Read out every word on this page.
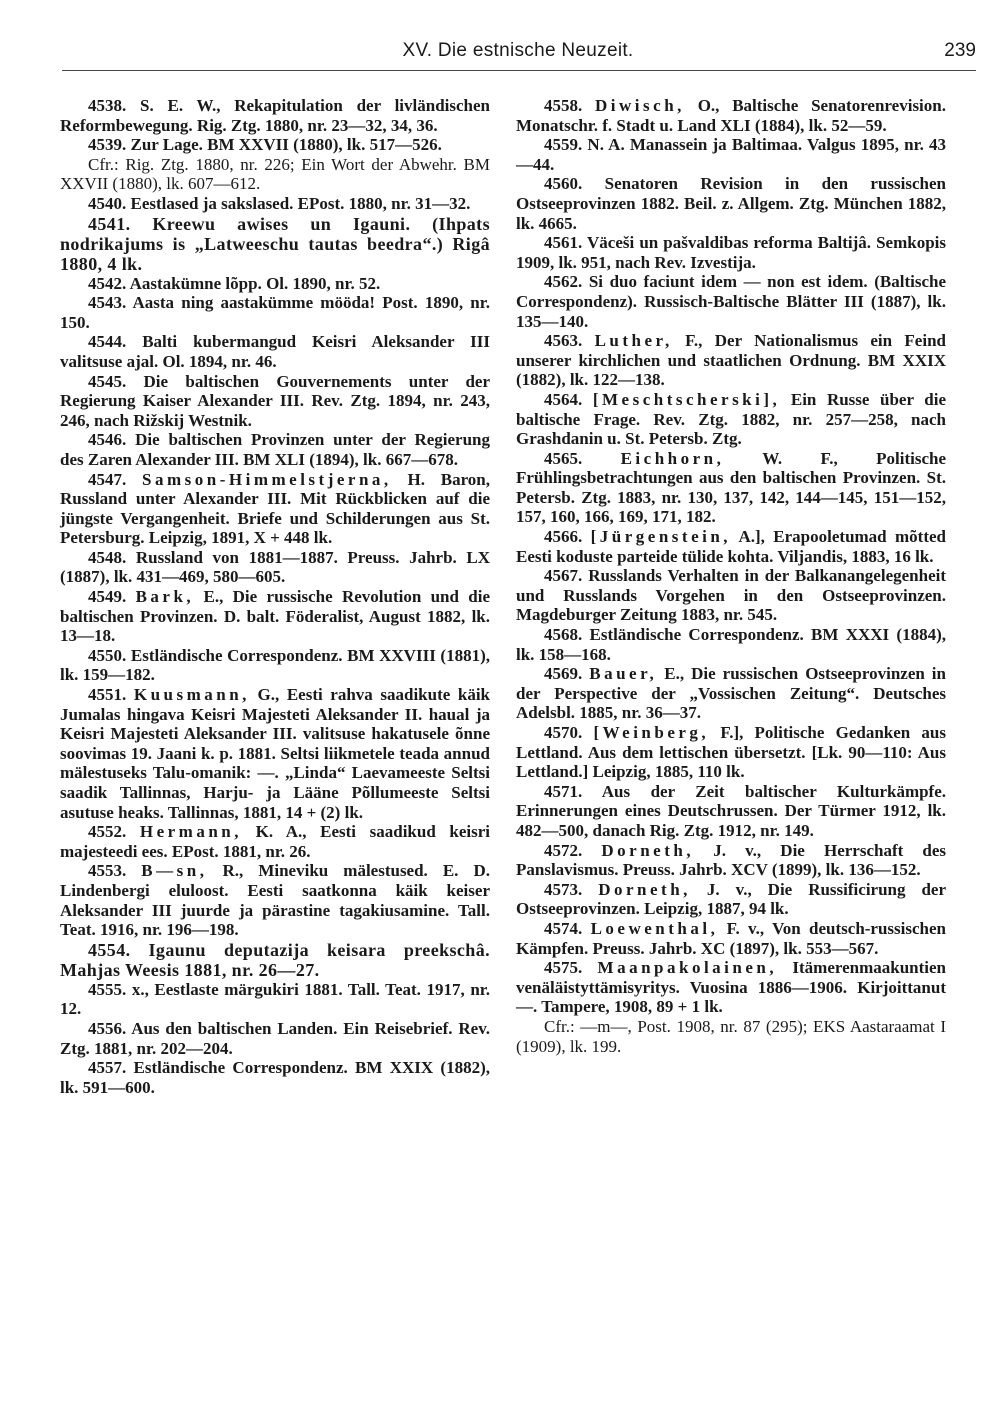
XV. Die estnische Neuzeit.	239

4538. S. E. W., Rekapitulation der livländischen Reformbewegung. Rig. Ztg. 1880, nr. 23—32, 34, 36.

4539. Zur Lage. BM XXVII (1880), lk. 517—526.

Cfr.: Rig. Ztg. 1880, nr. 226; Ein Wort der Abwehr. BM XXVII (1880), lk. 607—612.

4540. Eestlased ja sakslased. EPost. 1880, nr. 31—32.

4541. Kreewu awises un Igauni. (Ihpats nodrikajums is „Latweeschu tautas beedra“.) Rigâ 1880, 4 lk.

4542. Aastakümne lõpp. Ol. 1890, nr. 52.

4543. Aasta ning aastakümme mööda! Post. 1890, nr. 150.

4544. Balti kubermangud Keisri Aleksander III valitsuse ajal. Ol. 1894, nr. 46.

4545. Die baltischen Gouvernements unter der Regierung Kaiser Alexander III. Rev. Ztg. 1894, nr. 243, 246, nach Rižskij Westnik.

4546. Die baltischen Provinzen unter der Regierung des Zaren Alexander III. BM XLI (1894), lk. 667—678.

4547. Samson-Himmelstjerna, H. Baron, Russland unter Alexander III. Mit Rückblicken auf die jüngste Vergangenheit. Briefe und Schilderungen aus St. Petersburg. Leipzig, 1891, X + 448 lk.

4548. Russland von 1881—1887. Preuss. Jahrb. LX (1887), lk. 431—469, 580—605.

4549. Bark, E., Die russische Revolution und die baltischen Provinzen. D. balt. Föderalist, August 1882, lk. 13—18.

4550. Estländische Correspondenz. BM XXVIII (1881), lk. 159—182.

4551. Kuusmann, G., Eesti rahva saadikute käik Jumalas hingava Keisri Majesteti Aleksander II. haual ja Keisri Majesteti Aleksander III. valitsuse hakatusele õnne soovimas 19. Jaani k. p. 1881. Seltsi liikmetele teada annud mälestuseks Talu-omanik: —. „Linda“ Laevameeste Seltsi saadik Tallinnas, Harju- ja Lääne Põllumeeste Seltsi asutuse heaks. Tallinnas, 1881, 14 + (2) lk.

4552. Hermann, K. A., Eesti saadikud keisri majesteedi ees. EPost. 1881, nr. 26.

4553. B—sn, R., Mineviku mälestused. E. D. Lindenbergi eluloost. Eesti saatkonna käik keiser Aleksander III juurde ja pärastine tagakiusamine. Tall. Teat. 1916, nr. 196—198.

4554. Igaunu deputazija keisara preekschâ. Mahjas Weesis 1881, nr. 26—27.

4555. x., Eestlaste märgukiri 1881. Tall. Teat. 1917, nr. 12.

4556. Aus den baltischen Landen. Ein Reisebrief. Rev. Ztg. 1881, nr. 202—204.

4557. Estländische Correspondenz. BM XXIX (1882), lk. 591—600.

4558. Diwisch, O., Baltische Senatorenrevision. Monatschr. f. Stadt u. Land XLI (1884), lk. 52—59.

4559. N. A. Manassein ja Baltimaa. Valgus 1895, nr. 43—44.

4560. Senatoren Revision in den russischen Ostseeprovinzen 1882. Beil. z. Allgem. Ztg. München 1882, lk. 4665.

4561. Väceši un pašvaldibas reforma Baltijâ. Semkopis 1909, lk. 951, nach Rev. Izvestija.

4562. Si duo faciunt idem — non est idem. (Baltische Correspondenz). Russisch-Baltische Blätter III (1887), lk. 135—140.

4563. Luther, F., Der Nationalismus ein Feind unserer kirchlichen und staatlichen Ordnung. BM XXIX (1882), lk. 122—138.

4564. [Meschtscherski], Ein Russe über die baltische Frage. Rev. Ztg. 1882, nr. 257—258, nach Grashdanin u. St. Petersb. Ztg.

4565. Eichhorn, W. F., Politische Frühlingsbetrachtungen aus den baltischen Provinzen. St. Petersb. Ztg. 1883, nr. 130, 137, 142, 144—145, 151—152, 157, 160, 166, 169, 171, 182.

4566. [Jürgenstein, A.], Erapooletumad mõtted Eesti koduste parteide tülide kohta. Viljandis, 1883, 16 lk.

4567. Russlands Verhalten in der Balkanangelegenheit und Russlands Vorgehen in den Ostseeprovinzen. Magdeburger Zeitung 1883, nr. 545.

4568. Estländische Correspondenz. BM XXXI (1884), lk. 158—168.

4569. Bauer, E., Die russischen Ostseeprovinzen in der Perspective der „Vossischen Zeitung“. Deutsches Adelsbl. 1885, nr. 36—37.

4570. [Weinberg, F.], Politische Gedanken aus Lettland. Aus dem lettischen übersetzt. [Lk. 90—110: Aus Lettland.] Leipzig, 1885, 110 lk.

4571. Aus der Zeit baltischer Kulturkämpfe. Erinnerungen eines Deutschrussen. Der Türmer 1912, lk. 482—500, danach Rig. Ztg. 1912, nr. 149.

4572. Dorneth, J. v., Die Herrschaft des Panslavismus. Preuss. Jahrb. XCV (1899), lk. 136—152.

4573. Dorneth, J. v., Die Russificirung der Ostseeprovinzen. Leipzig, 1887, 94 lk.

4574. Loewenthal, F. v., Von deutsch-russischen Kämpfen. Preuss. Jahrb. XC (1897), lk. 553—567.

4575. Maanpakolainen, Itämerenmaakuntien venäläistyttämisyritys. Vuosina 1886—1906. Kirjoittanut —. Tampere, 1908, 89 + 1 lk.

Cfr.: —m—, Post. 1908, nr. 87 (295); EKS Aastaraamat I (1909), lk. 199.
